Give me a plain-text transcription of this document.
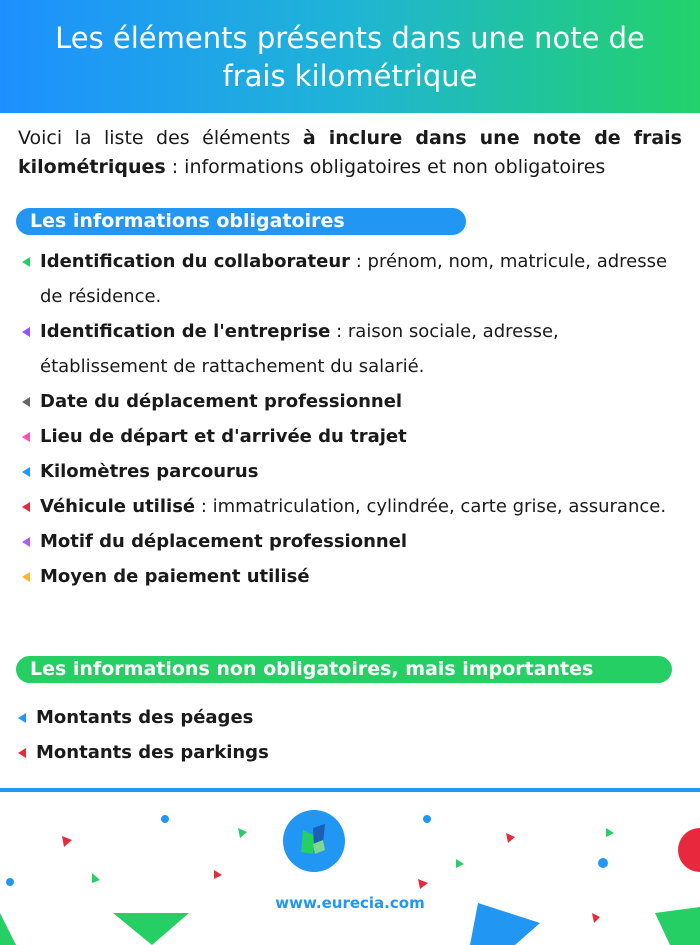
Les éléments présents dans une note de frais kilométrique

Voici la liste des éléments à inclure dans une note de frais kilométriques : informations obligatoires et non obligatoires

Les informations obligatoires
Identification du collaborateur : prénom, nom, matricule, adresse de résidence.
Identification de l'entreprise : raison sociale, adresse, établissement de rattachement du salarié.
Date du déplacement professionnel
Lieu de départ et d'arrivée du trajet
Kilomètres parcourus
Véhicule utilisé : immatriculation, cylindrée, carte grise, assurance.
Motif du déplacement professionnel
Moyen de paiement utilisé
Les informations non obligatoires, mais importantes
Montants des péages
Montants des parkings
www.eurecia.com
